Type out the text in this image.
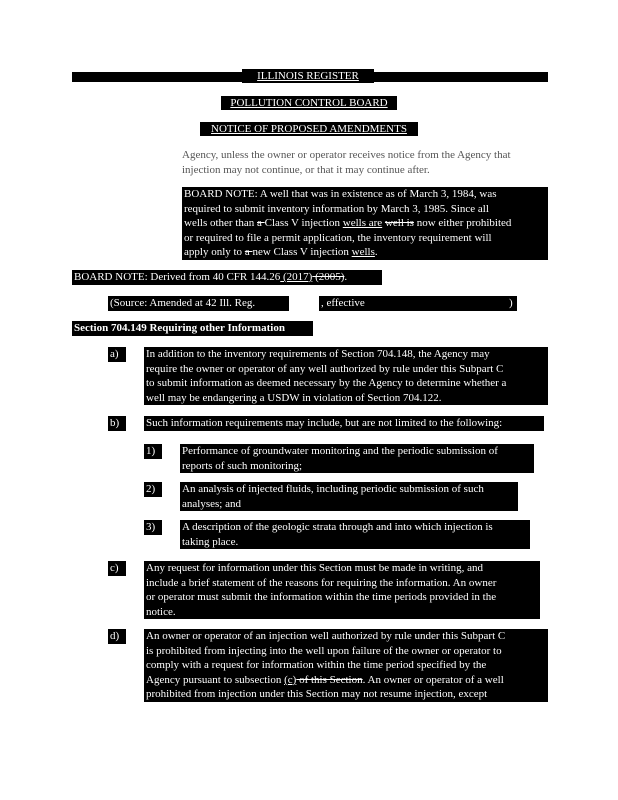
ILLINOIS REGISTER
POLLUTION CONTROL BOARD
NOTICE OF PROPOSED AMENDMENTS
Agency, unless the owner or operator receives notice from the Agency that
injection may not continue, or that it may continue after.
BOARD NOTE: A well that was in existence as of March 3, 1984, was
required to submit inventory information by March 3, 1985. Since all
wells other than a Class V injection wells are well is now either prohibited
or required to file a permit application, the inventory requirement will
apply only to a new Class V injection wells.
BOARD NOTE: Derived from 40 CFR 144.26 (2017) (2005).
(Source: Amended at 42 Ill. Reg.	, effective	)
Section 704.149 Requiring other Information
a)	In addition to the inventory requirements of Section 704.148, the Agency may
require the owner or operator of any well authorized by rule under this Subpart C
to submit information as deemed necessary by the Agency to determine whether a
well may be endangering a USDW in violation of Section 704.122.
b)	Such information requirements may include, but are not limited to the following:
1)	Performance of groundwater monitoring and the periodic submission of
reports of such monitoring;
2)	An analysis of injected fluids, including periodic submission of such
analyses; and
3)	A description of the geologic strata through and into which injection is
taking place.
c)	Any request for information under this Section must be made in writing, and
include a brief statement of the reasons for requiring the information. An owner
or operator must submit the information within the time periods provided in the
notice.
d)	An owner or operator of an injection well authorized by rule under this Subpart C
is prohibited from injecting into the well upon failure of the owner or operator to
comply with a request for information within the time period specified by the
Agency pursuant to subsection (c) of this Section. An owner or operator of a well
prohibited from injection under this Section may not resume injection, except
